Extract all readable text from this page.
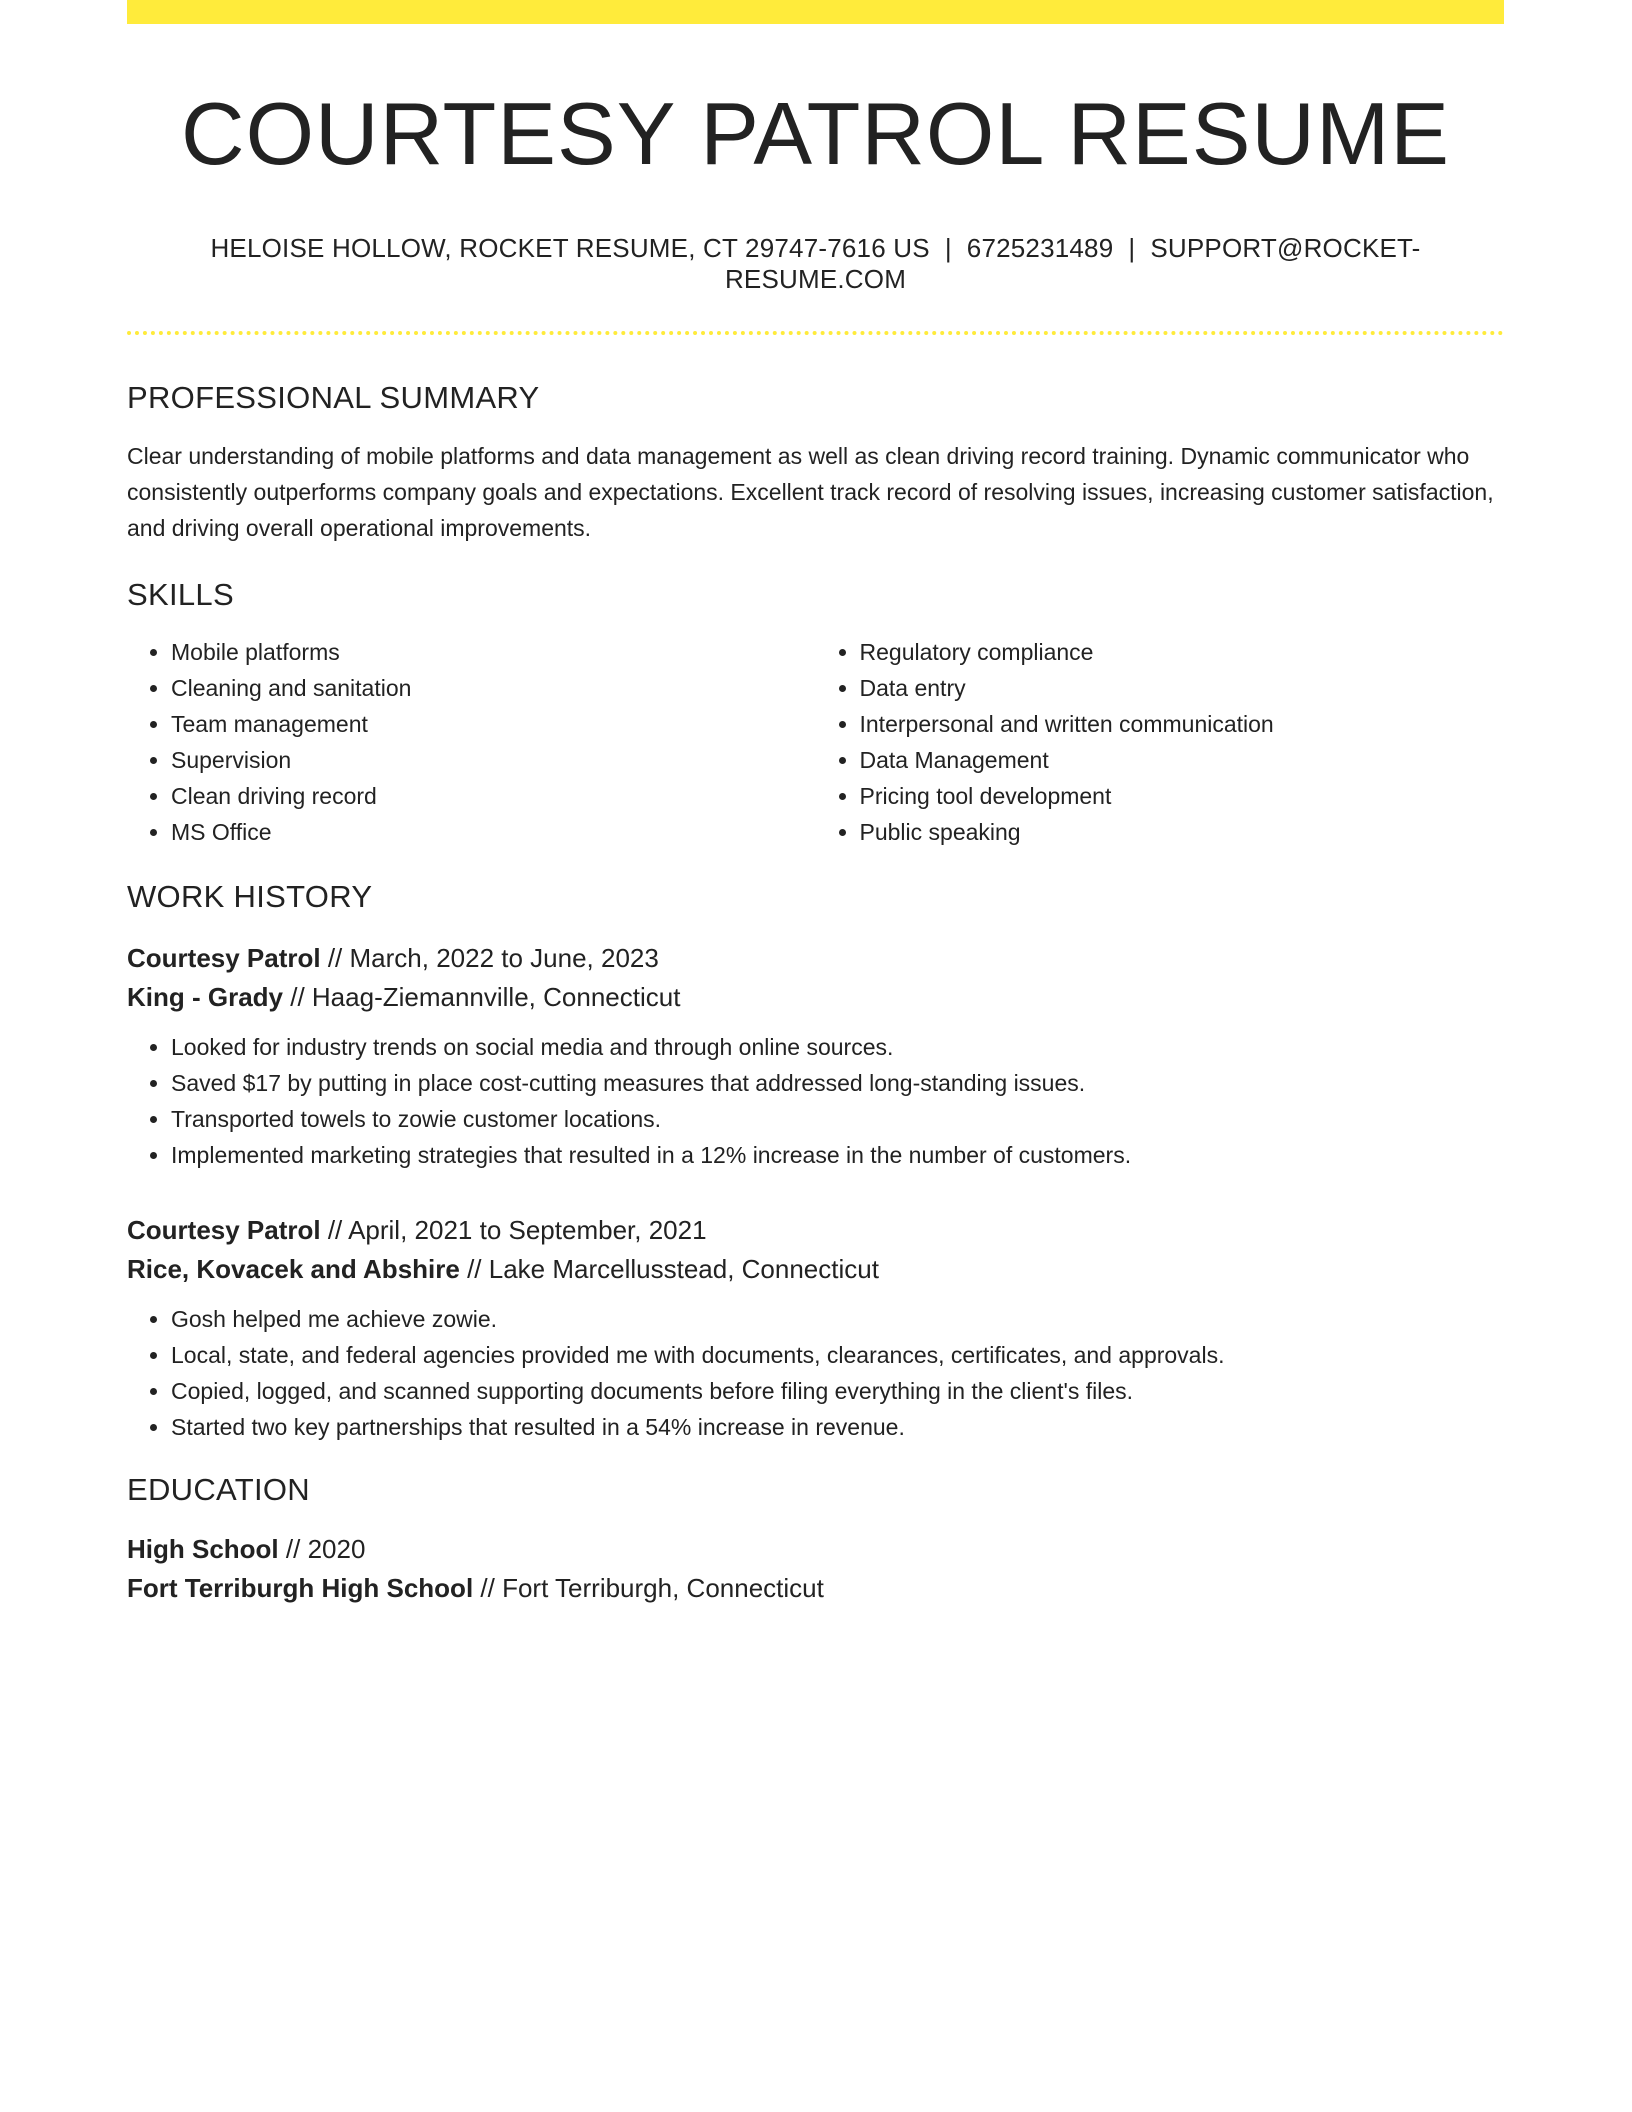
COURTESY PATROL RESUME
HELOISE HOLLOW, ROCKET RESUME, CT 29747-7616 US | 6725231489 | SUPPORT@ROCKET-RESUME.COM
PROFESSIONAL SUMMARY

Clear understanding of mobile platforms and data management as well as clean driving record training. Dynamic communicator who consistently outperforms company goals and expectations. Excellent track record of resolving issues, increasing customer satisfaction, and driving overall operational improvements.

SKILLS
• Mobile platforms
• Cleaning and sanitation
• Team management
• Supervision
• Clean driving record
• MS Office
• Regulatory compliance
• Data entry
• Interpersonal and written communication
• Data Management
• Pricing tool development
• Public speaking
WORK HISTORY
Courtesy Patrol // March, 2022 to June, 2023
King - Grady // Haag-Ziemannville, Connecticut
• Looked for industry trends on social media and through online sources.
• Saved $17 by putting in place cost-cutting measures that addressed long-standing issues.
• Transported towels to zowie customer locations.
• Implemented marketing strategies that resulted in a 12% increase in the number of customers.
Courtesy Patrol // April, 2021 to September, 2021
Rice, Kovacek and Abshire // Lake Marcellusstead, Connecticut
• Gosh helped me achieve zowie.
• Local, state, and federal agencies provided me with documents, clearances, certificates, and approvals.
• Copied, logged, and scanned supporting documents before filing everything in the client's files.
• Started two key partnerships that resulted in a 54% increase in revenue.
EDUCATION
High School // 2020
Fort Terriburgh High School // Fort Terriburgh, Connecticut
